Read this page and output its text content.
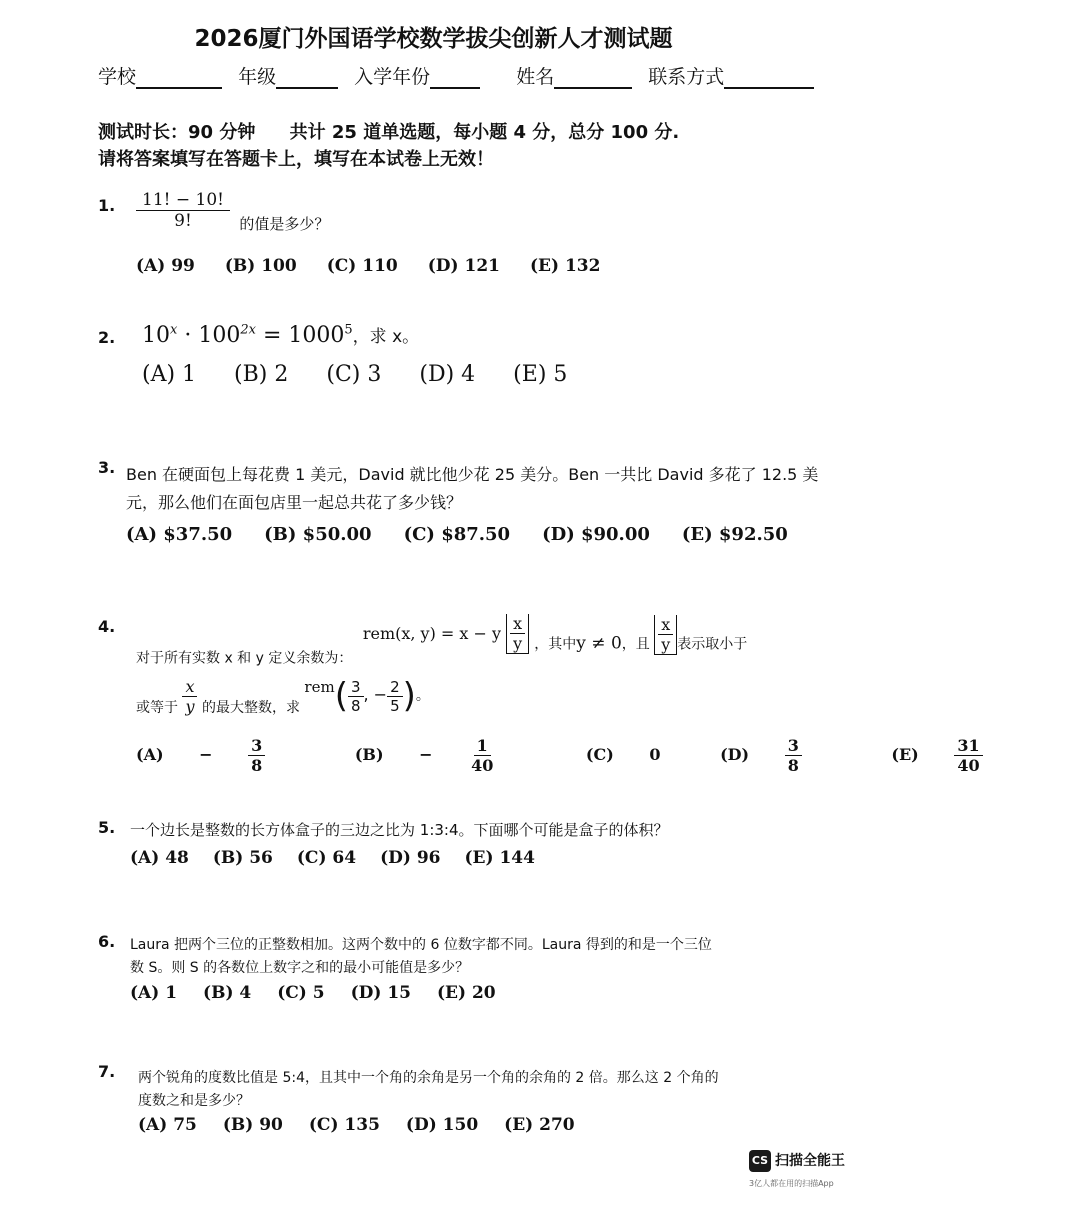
2026厦门外国语学校数学拔尖创新人才测试题
学校	年级	入学年份	姓名	联系方式
测试时长：90 分钟 共计 25 道单选题，每小题 4 分，总分 100 分.
请将答案填写在答题卡上，填写在本试卷上无效！
1. $\frac{11! - 10!}{9!}$ 的值是多少？
(A) 99 (B) 100 (C) 110 (D) 121 (E) 132
2. $10^x \cdot 100^{2x} = 1000^5$，求 x。
(A) 1 (B) 2 (C) 3 (D) 4 (E) 5
3. Ben 在硬面包上每花费 1 美元，David 就比他少花 25 美分。Ben 一共比 David 多花了 12.5 美
元，那么他们在面包店里一起总共花了多少钱？
(A) $37.50 (B) $50.00 (C) $87.50 (D) $90.00 (E) $92.50
4.
对于所有实数 x 和 y 定义余数为： rem(x, y) = x − y $\frac{x}{y}$ ，其中y ≠ 0，且 $\frac{x}{y}$ 表示取小于
或等于 $\frac{x}{y}$ 的最大整数，求 $rem( \frac{3}{8}$ , − $\frac{2}{5}$ )。
$(A) - \frac{3}{8}$	$(B) - \frac{1}{40}$	(C) 0	$(D) \frac{3}{8}$	$(E) \frac{31}{40}$
5. 一个边长是整数的长方体盒子的三边之比为 1:3:4。下面哪个可能是盒子的体积？
(A) 48 (B) 56 (C) 64 (D) 96 (E) 144
6. Laura 把两个三位的正整数相加。这两个数中的 6 位数字都不同。Laura 得到的和是一个三位
数 S。则 S 的各数位上数字之和的最小可能值是多少？
(A) 1 (B) 4 (C) 5 (D) 15 (E) 20
7. 两个锐角的度数比值是 5:4，且其中一个角的余角是另一个角的余角的 2 倍。那么这 2 个角的
度数之和是多少？
(A) 75 (B) 90 (C) 135 (D) 150 (E) 270
CS 扫描全能王
3亿人都在用的扫描App
